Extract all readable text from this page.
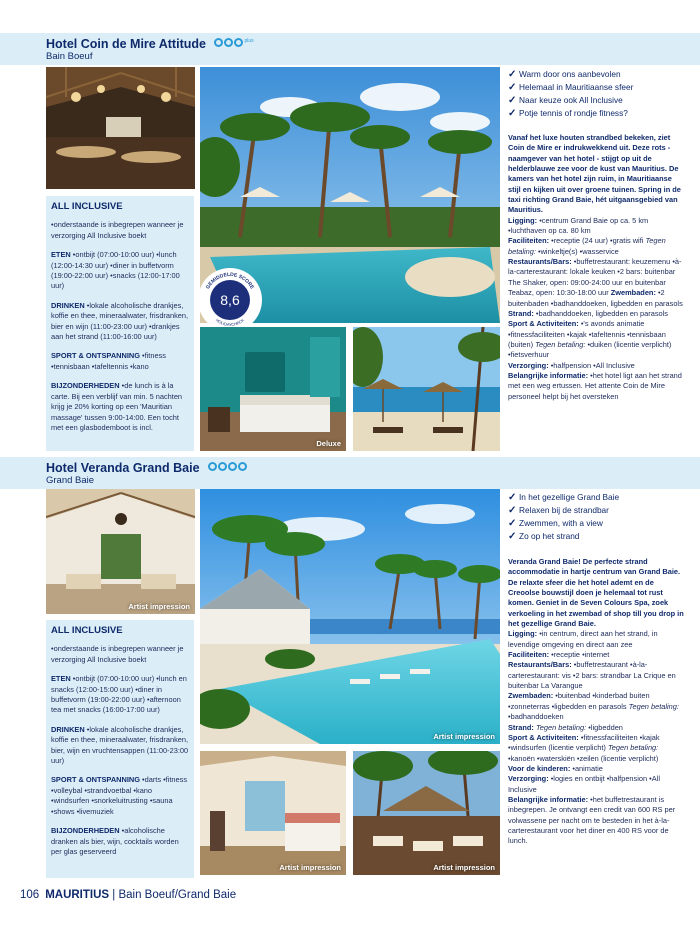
Hotel Coin de Mire Attitude	$^{plus}$
Bain Boeuf
ALL INCLUSIVE

•onderstaande is inbegrepen wanneer je verzorging All Inclusive boekt

ETEN •ontbijt (07:00-10:00 uur) •lunch (12:00-14:30 uur) •diner in buffetvorm (19:00-22:00 uur) •snacks (12:00-17:00 uur)

DRINKEN •lokale alcoholische drankjes, koffie en thee, mineraalwater, frisdranken, bier en wijn (11:00-23:00 uur) •drankjes aan het strand (11:00-16:00 uur)

SPORT & ONTSPANNING •fitness •tennisbaan •tafeltennis •kano

BIJZONDERHEDEN •de lunch is à la carte. Bij een verblijf van min. 5 nachten krijg je 20% korting op een 'Mauritian massage' tussen 9:00-14:00. Een tocht met een glasbodemboot is incl.

GEMIDDELDE SCORE
HOLIDAYCHECK
8,6
Deluxe
✓ Warm door ons aanbevolen
✓ Helemaal in Mauritiaanse sfeer
✓ Naar keuze ook All Inclusive
✓ Potje tennis of rondje fitness?
Vanaf het luxe houten strandbed bekeken, ziet Coin de Mire er indrukwekkend uit. Deze rots - naamgever van het hotel - stijgt op uit de helderblauwe zee voor de kust van Mauritius. De kamers van het hotel zijn ruim, in Mauritiaanse stijl en kijken uit over groene tuinen. Spring in de taxi richting Grand Baie, hét uitgaansgebied van Mauritius.
Ligging: •centrum Grand Baie op ca. 5 km •luchthaven op ca. 80 km
Faciliteiten: •receptie (24 uur) •gratis wifi Tegen betaling: •winkeltje(s) •wasservice
Restaurants/Bars: •buffetrestaurant: keuzemenu •à-la-carterestaurant: lokale keuken •2 bars: buitenbar The Shaker, open: 09:00-24:00 uur en buitenbar Teabaz, open: 10:30-18:00 uur Zwembaden: •2 buitenbaden •badhanddoeken, ligbedden en parasols
Strand: •badhanddoeken, ligbedden en parasols Sport & Activiteiten: •'s avonds animatie •fitnessfaciliteiten •kajak •tafeltennis •tennisbaan (buiten) Tegen betaling: •duiken (licentie verplicht) •fietsverhuur
Verzorging: •halfpension •All Inclusive
Belangrijke informatie: •het hotel ligt aan het strand met een weg ertussen. Het attente Coin de Mire personeel helpt bij het oversteken
Hotel Veranda Grand Baie
Grand Baie
Artist impression
ALL INCLUSIVE

•onderstaande is inbegrepen wanneer je verzorging All Inclusive boekt

ETEN •ontbijt (07:00-10:00 uur) •lunch en snacks (12:00-15:00 uur) •diner in buffetvorm (19:00-22:00 uur) •afternoon tea met snacks (16:00-17:00 uur)

DRINKEN •lokale alcoholische drankjes, koffie en thee, mineraalwater, frisdranken, bier, wijn en vruchtensappen (11:00-23:00 uur)

SPORT & ONTSPANNING •darts •fitness •volleybal •strandvoetbal •kano •windsurfen •snorkeluitrusting •sauna •shows •livemuziek

BIJZONDERHEDEN •alcoholische dranken als bier, wijn, cocktails worden per glas geserveerd

Artist impression
Artist impression	Artist impression
✓ In het gezellige Grand Baie
✓ Relaxen bij de strandbar
✓ Zwemmen, with a view
✓ Zo op het strand
Veranda Grand Baie! De perfecte strand accommodatie in hartje centrum van Grand Baie. De relaxte sfeer die het hotel ademt en de Creoolse bouwstijl doen je helemaal tot rust komen. Geniet in de Seven Colours Spa, zoek verkoeling in het zwembad of shop till you drop in het gezellige Grand Baie.
Ligging: •in centrum, direct aan het strand, in levendige omgeving en direct aan zee
Faciliteiten: •receptie •internet
Restaurants/Bars: •buffetrestaurant •à-la-carterestaurant: vis •2 bars: strandbar La Crique en buitenbar La Varangue
Zwembaden: •buitenbad •kinderbad buiten •zonneterras •ligbedden en parasols Tegen betaling: •badhanddoeken
Strand: Tegen betaling: •ligbedden
Sport & Activiteiten: •fitnessfaciliteiten •kajak •windsurfen (licentie verplicht) Tegen betaling: •kanoën •waterskiën •zeilen (licentie verplicht)
Voor de kinderen: •animatie
Verzorging: •logies en ontbijt •halfpension •All Inclusive
Belangrijke informatie: •het buffetrestaurant is inbegrepen. Je ontvangt een credit van 600 RS per volwassene per nacht om te besteden in het à-la-carterestaurant voor het diner en 400 RS voor de lunch.
106 MAURITIUS | Bain Boeuf/Grand Baie
